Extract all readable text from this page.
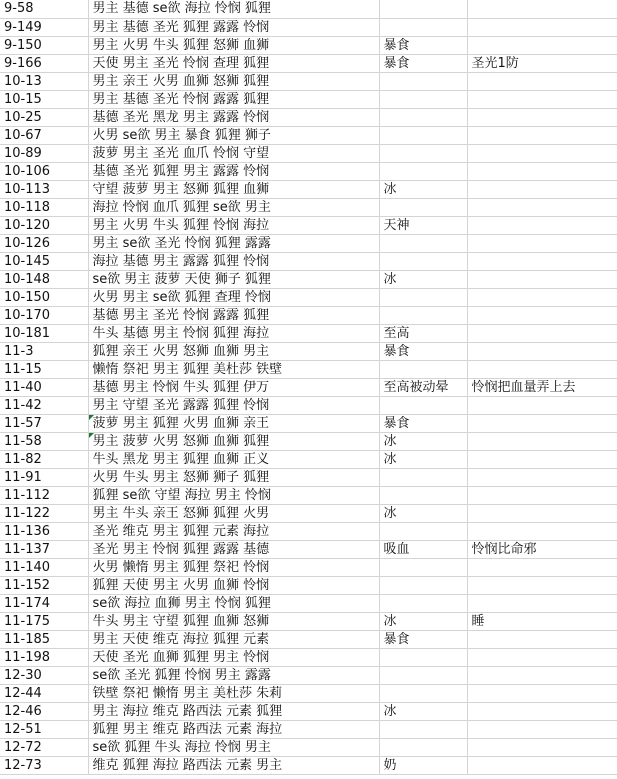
9-58	男主 基德 se欲 海拉 怜悯 狐狸		
9-149	男主 基德 圣光 狐狸 露露 怜悯		
9-150	男主 火男 牛头 狐狸 怒狮 血狮	暴食	
9-166	天使 男主 圣光 怜悯 查理 狐狸	暴食	圣光1防
10-13	男主 亲王 火男 血狮 怒狮 狐狸		
10-15	男主 基德 圣光 怜悯 露露 狐狸		
10-25	基德 圣光 黑龙 男主 露露 怜悯		
10-67	火男 se欲 男主 暴食 狐狸 狮子		
10-89	菠萝 男主 圣光 血爪 怜悯 守望		
10-106	基德 圣光 狐狸 男主 露露 怜悯		
10-113	守望 菠萝 男主 怒狮 狐狸 血狮	冰	
10-118	海拉 怜悯 血爪 狐狸 se欲 男主		
10-120	男主 火男 牛头 狐狸 怜悯 海拉	天神	
10-126	男主 se欲 圣光 怜悯 狐狸 露露		
10-145	海拉 基德 男主 露露 狐狸 怜悯		
10-148	se欲 男主 菠萝 天使 狮子 狐狸	冰	
10-150	火男 男主 se欲 狐狸 查理 怜悯		
10-170	基德 男主 圣光 怜悯 露露 狐狸		
10-181	牛头 基德 男主 怜悯 狐狸 海拉	至高	
11-3	狐狸 亲王 火男 怒狮 血狮 男主	暴食	
11-15	懒惰 祭祀 男主 狐狸 美杜莎 铁壁		
11-40	基德 男主 怜悯 牛头 狐狸 伊万	至高被动晕	怜悯把血量弄上去
11-42	男主 守望 圣光 露露 狐狸 怜悯		
11-57	菠萝 男主 狐狸 火男 血狮 亲王	暴食	
11-58	男主 菠萝 火男 怒狮 血狮 狐狸	冰	
11-82	牛头 黑龙 男主 狐狸 血狮 正义	冰	
11-91	火男 牛头 男主 怒狮 狮子 狐狸		
11-112	狐狸 se欲 守望 海拉 男主 怜悯		
11-122	男主 牛头 亲王 怒狮 狐狸 火男	冰	
11-136	圣光 维克 男主 狐狸 元素 海拉		
11-137	圣光 男主 怜悯 狐狸 露露 基德	吸血	怜悯比命邪
11-140	火男 懒惰 男主 狐狸 祭祀 怜悯		
11-152	狐狸 天使 男主 火男 血狮 怜悯		
11-174	se欲 海拉 血狮 男主 怜悯 狐狸		
11-175	牛头 男主 守望 狐狸 血狮 怒狮	冰	睡
11-185	男主 天使 维克 海拉 狐狸 元素	暴食	
11-198	天使 圣光 血狮 狐狸 男主 怜悯		
12-30	se欲 圣光 狐狸 怜悯 男主 露露		
12-44	铁壁 祭祀 懒惰 男主 美杜莎 朱莉		
12-46	男主 海拉 维克 路西法 元素 狐狸	冰	
12-51	狐狸 男主 维克 路西法 元素 海拉		
12-72	se欲 狐狸 牛头 海拉 怜悯 男主		
12-73	维克 狐狸 海拉 路西法 元素 男主	奶	
